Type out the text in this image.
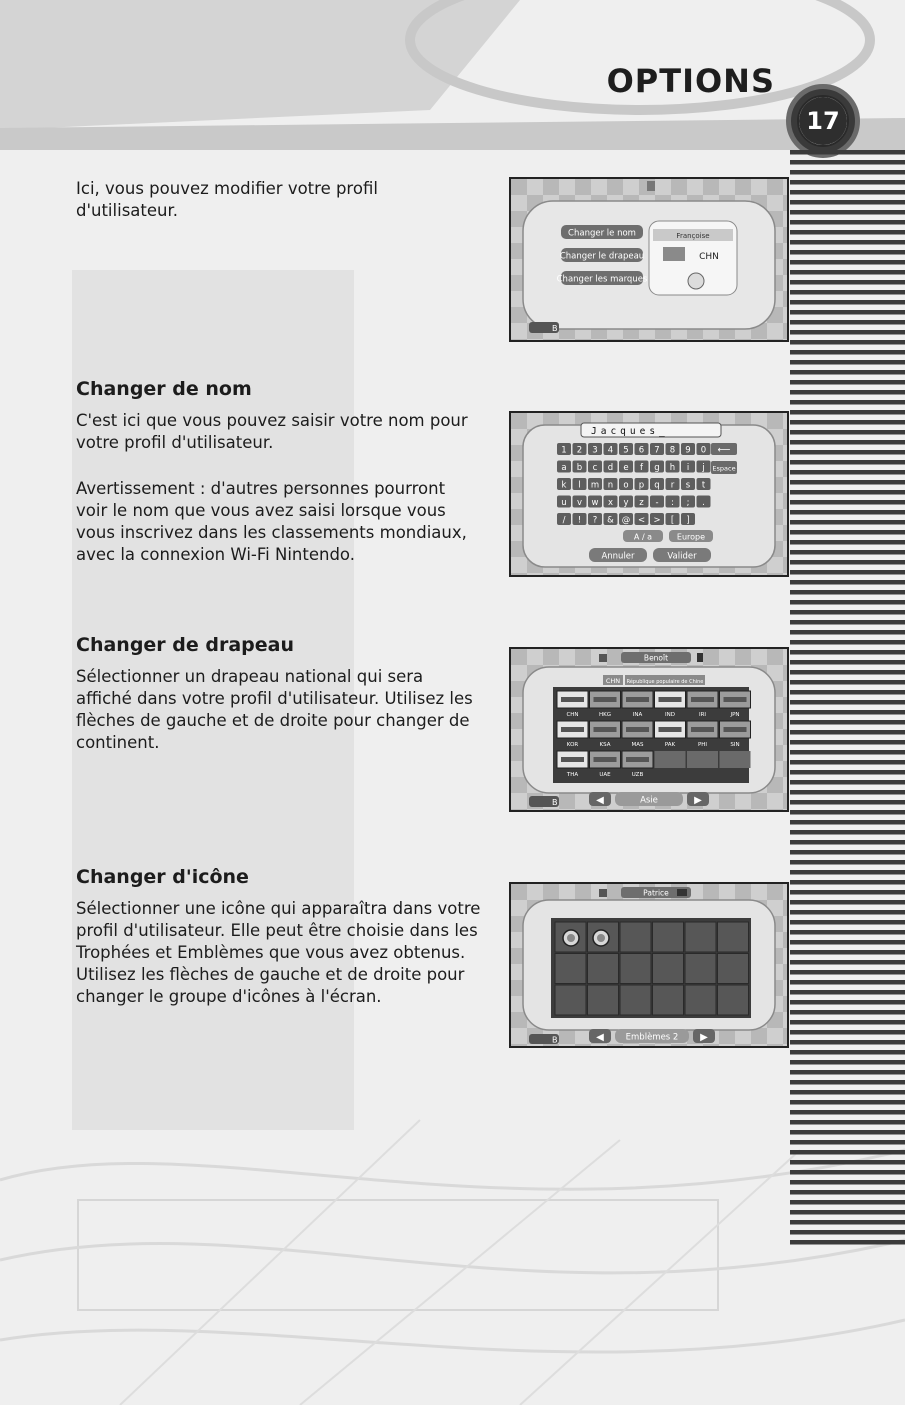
OPTIONS
17
Ici, vous pouvez modifier votre profil
d'utilisateur.
Changer le nom
Changer le drapeau
Changer les marques
Françoise
CHN
B
Changer de nom
C'est ici que vous pouvez saisir votre nom pour
votre profil d'utilisateur.
Avertissement : d'autres personnes pourront
voir le nom que vous avez saisi lorsque vous
vous inscrivez dans les classements mondiaux,
avec la connexion Wi-Fi Nintendo.
Jacques_
1 2 3 4 5 6 7 8 9 0
a b c d e f g h i j
k l m n o p q r s t
u v w x y z - : ; .
/ ! ? & @ < > [ ]
Espace
⟵
A / a	Europe
Annuler	Valider
Changer de drapeau
Sélectionner un drapeau national qui sera
affiché dans votre profil d'utilisateur. Utilisez les
flèches de gauche et de droite pour changer de
continent.
Benoît
CHN République populaire de Chine
CHN	HKG	INA	IND	IRI	JPN
KOR	KSA	MAS	PAK	PHI	SIN
THA	UAE	UZB
B	◀	Asie	▶
Changer d'icône
Sélectionner une icône qui apparaîtra dans votre
profil d'utilisateur. Elle peut être choisie dans les
Trophées et Emblèmes que vous avez obtenus.
Utilisez les flèches de gauche et de droite pour
changer le groupe d'icônes à l'écran.
Patrice
B	◀	Emblèmes 2 ▶
